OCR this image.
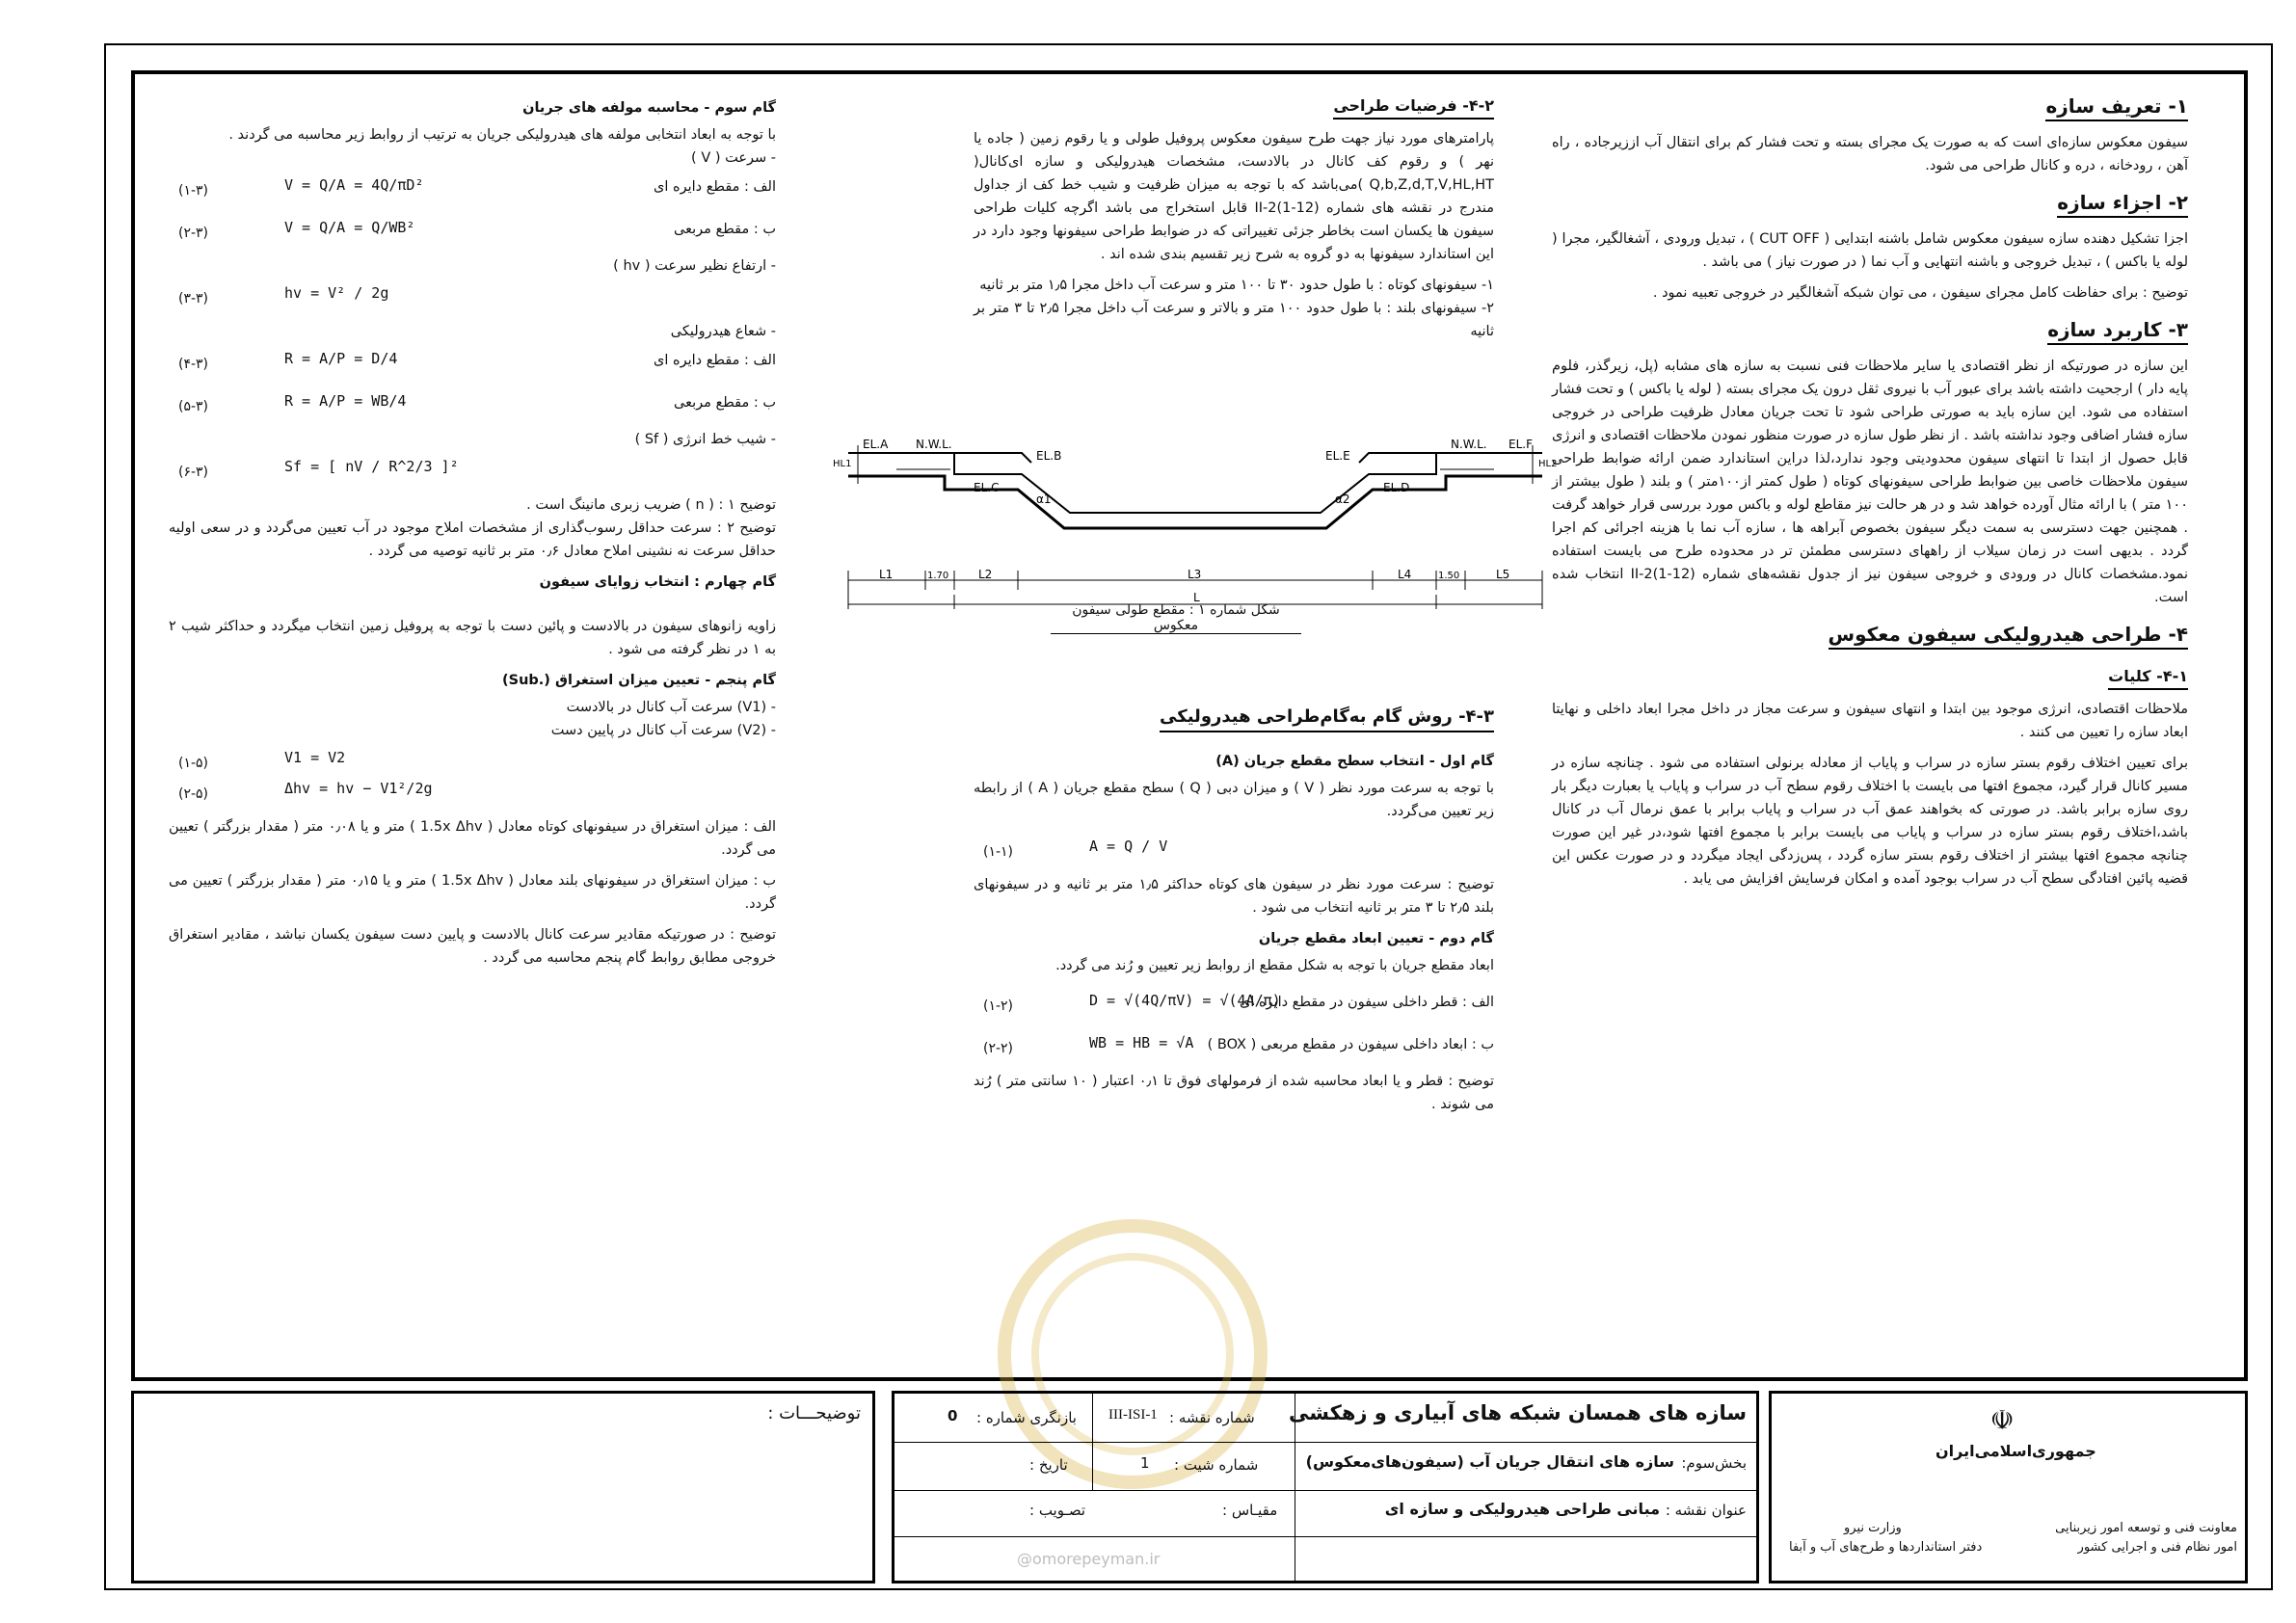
۱- تعریف سازه

سیفون معکوس سازه‌ای است که به صورت یک مجرای بسته و تحت فشار کم برای انتقال آب اززیرجاده ، راه آهن ، رودخانه ، دره و کانال طراحی می شود.

۲- اجزاء سازه

اجزا تشکیل دهنده سازه سیفون معکوس شامل باشنه ابتدایی ( CUT OFF ) ، تبدیل ورودی ، آشغالگیر، مجرا ( لوله یا باکس ) ، تبدیل خروجی و باشنه انتهایی و آب نما ( در صورت نیاز ) می باشد .

توضیح : برای حفاظت کامل مجرای سیفون ، می توان شبکه آشغالگیر در خروجی تعبیه نمود .

۳- کاربرد سازه

این سازه در صورتیکه از نظر اقتصادی یا سایر ملاحظات فنی نسبت به سازه های مشابه (پل، زیرگذر، فلوم پایه دار ) ارجحیت داشته باشد برای عبور آب با نیروی ثقل درون یک مجرای بسته ( لوله یا باکس ) و تحت فشار استفاده می شود. این سازه باید به صورتی طراحی شود تا تحت جریان معادل ظرفیت طراحی در خروجی سازه فشار اضافی وجود نداشته باشد . از نظر طول سازه در صورت منظور نمودن ملاحظات اقتصادی و انرژی قابل حصول از ابتدا تا انتهای سیفون محدودیتی وجود ندارد،لذا دراین استاندارد ضمن ارائه ضوابط طراحی سیفون ملاحظات خاصی بین ضوابط طراحی سیفونهای کوتاه ( طول کمتر از۱۰۰متر ) و بلند ( طول بیشتر از ۱۰۰ متر ) با ارائه مثال آورده خواهد شد و در هر حالت نیز مقاطع لوله و باکس مورد بررسی قرار خواهد گرفت . همچنین جهت دسترسی به سمت دیگر سیفون بخصوص آبراهه ها ، سازه آب نما با هزینه اجرائی کم اجرا گردد . بدیهی است در زمان سیلاب از راههای دسترسی مطمئن تر در محدوده طرح می بایست استفاده نمود.مشخصات کانال در ورودی و خروجی سیفون نیز از جدول نقشه‌های شماره II-2(1-12) انتخاب شده است.

۴- طراحی هیدرولیکی سیفون معکوس
۴-۱- کلیات

ملاحظات اقتصادی، انرژی موجود بین ابتدا و انتهای سیفون و سرعت مجاز در داخل مجرا ابعاد داخلی و نهایتا ابعاد سازه را تعیین می کنند .

برای تعیین اختلاف رقوم بستر سازه در سراب و پایاب از معادله برنولی استفاده می شود . چنانچه سازه در مسیر کانال قرار گیرد، مجموع افتها می بایست با اختلاف رقوم سطح آب در سراب و پایاب یا بعبارت دیگر بار روی سازه برابر باشد. در صورتی که بخواهند عمق آب در سراب و پایاب برابر با عمق نرمال آب در کانال باشد،اختلاف رقوم بستر سازه در سراب و پایاب می بایست برابر با مجموع افتها شود،در غیر این صورت چنانچه مجموع افتها بیشتر از اختلاف رقوم بستر سازه گردد ، پس‌زدگی ایجاد میگردد و در صورت عکس این قضیه پائین افتادگی سطح آب در سراب بوجود آمده و امکان فرسایش افزایش می یابد .

۴-۲- فرضیات طراحی

پارامترهای مورد نیاز جهت طرح سیفون معکوس پروفیل طولی و یا رقوم زمین ( جاده یا نهر ) و رقوم کف کانال در بالادست، مشخصات هیدرولیکی و سازه ای‌کانال( Q,b,Z,d,T,V,HL,HT )می‌باشد که با توجه به میزان ظرفیت و شیب خط کف از جداول مندرج در نقشه های شماره II-2(1-12) قابل استخراج می باشد اگرچه کلیات طراحی سیفون ها یکسان است بخاطر جزئی تغییراتی که در ضوابط طراحی سیفونها وجود دارد در این استاندارد سیفونها به دو گروه به شرح زیر تقسیم بندی شده اند .

۱- سیفونهای کوتاه : با طول حدود ۳۰ تا ۱۰۰ متر و سرعت آب داخل مجرا ۱٫۵ متر بر ثانیه
۲- سیفونهای بلند : با طول حدود ۱۰۰ متر و بالاتر و سرعت آب داخل مجرا ۲٫۵ تا ۳ متر بر ثانیه
۴-۳- روش گام به‌گام‌طراحی هیدرولیکی
گام اول - انتخاب سطح مقطع جریان (A)

با توجه به سرعت مورد نظر ( V ) و میزان دبی ( Q ) سطح مقطع جریان ( A ) از رابطه زیر تعیین می‌گردد.

(۱-۱)	A = Q / V

توضیح : سرعت مورد نظر در سیفون های کوتاه حداکثر ۱٫۵ متر بر ثانیه و در سیفونهای بلند ۲٫۵ تا ۳ متر بر ثانیه انتخاب می شود .

گام دوم - تعیین ابعاد مقطع جریان

ابعاد مقطع جریان با توجه به شکل مقطع از روابط زیر تعیین و رُند می گردد.

الف : قطر داخلی سیفون در مقطع دایره ای
(۱-۲)	D = √(4Q/πV) = √(4A/π)
ب : ابعاد داخلی سیفون در مقطع مربعی ( BOX )
(۲-۲)	WB = HB = √A

توضیح : قطر و یا ابعاد محاسبه شده از فرمولهای فوق تا ۰٫۱ اعتبار ( ۱۰ سانتی متر ) رُند می شوند .

EL.A N.W.L.
EL.B
EL.C	EL.D
EL.E
N.W.L. EL.F
HL1	HL2
α1	α2
L1	1.70	L2	L3	L4	1.50	L5
L
شکل شماره ۱ : مقطع طولی سیفون معکوس
گام سوم - محاسبه مولفه های جریان
با توجه به ابعاد انتخابی مولفه های هیدرولیکی جریان به ترتیب از روابط زیر محاسبه می گردند .
- سرعت ( V )
الف : مقطع دایره ای
(۱-۳)	V = Q/A = 4Q/πD²
ب : مقطع مربعی
(۲-۳)	V = Q/A = Q/WB²
- ارتفاع نظیر سرعت ( hv )
(۳-۳)	hv = V² / 2g
- شعاع هیدرولیکی
الف : مقطع دایره ای
(۴-۳)	R = A/P = D/4
ب : مقطع مربعی
(۵-۳)	R = A/P = WB/4
- شیب خط انرژی ( Sf )
(۶-۳)	Sf = [ nV / R^2/3 ]²
توضیح ۱ : ( n ) ضریب زبری مانینگ است .

توضیح ۲ : سرعت حداقل رسوب‌گذاری از مشخصات املاح موجود در آب تعیین می‌گردد و در سعی اولیه حداقل سرعت نه نشینی املاح معادل ۰٫۶ متر بر ثانیه توصیه می گردد .

گام چهارم : انتخاب زوایای سیفون

زاویه زانوهای سیفون در بالادست و پائین دست با توجه به پروفیل زمین انتخاب میگردد و حداکثر شیب ۲ به ۱ در نظر گرفته می شود .

گام پنجم - تعیین میزان استغراق (.Sub)
- (V1) سرعت آب کانال در بالادست
- (V2) سرعت آب کانال در پایین دست
(۱-۵)	V1 = V2
(۲-۵)	Δhv = hv − V1²/2g

الف : میزان استغراق در سیفونهای کوتاه معادل ( 1.5x Δhv ) متر و یا ۰٫۰۸ متر ( مقدار بزرگتر ) تعیین می گردد.

ب : میزان استغراق در سیفونهای بلند معادل ( 1.5x Δhv ) متر و یا ۰٫۱۵ متر ( مقدار بزرگتر ) تعیین می گردد.

توضیح : در صورتیکه مقادیر سرعت کانال بالادست و پایین دست سیفون یکسان نباشد ، مقادیر استغراق خروجی مطابق روابط گام پنجم محاسبه می گردد .

توضیحـــات :	سازه های همسان شبکه های آبیاری و زهکشی
بخش‌سوم:
سازه های انتقال جریان آب (سیفون‌های‌معکوس)
عنوان نقشه :
مبانی طراحی هیدرولیکی و سازه ای
شماره نقشه :
III-ISI-1
بازنگری شماره :
0
شماره شیت :
1
تاریخ :
مقیـاس :
تصـویب :
☫
جمهوری‌اسلامی‌ایران
معاونت فنی و توسعه امور زیربنایی
امور نظام فنی و اجرایی کشور
وزارت نیرو
دفتر استانداردها و طرح‌های آب و آبفا
@omorepeyman.ir
